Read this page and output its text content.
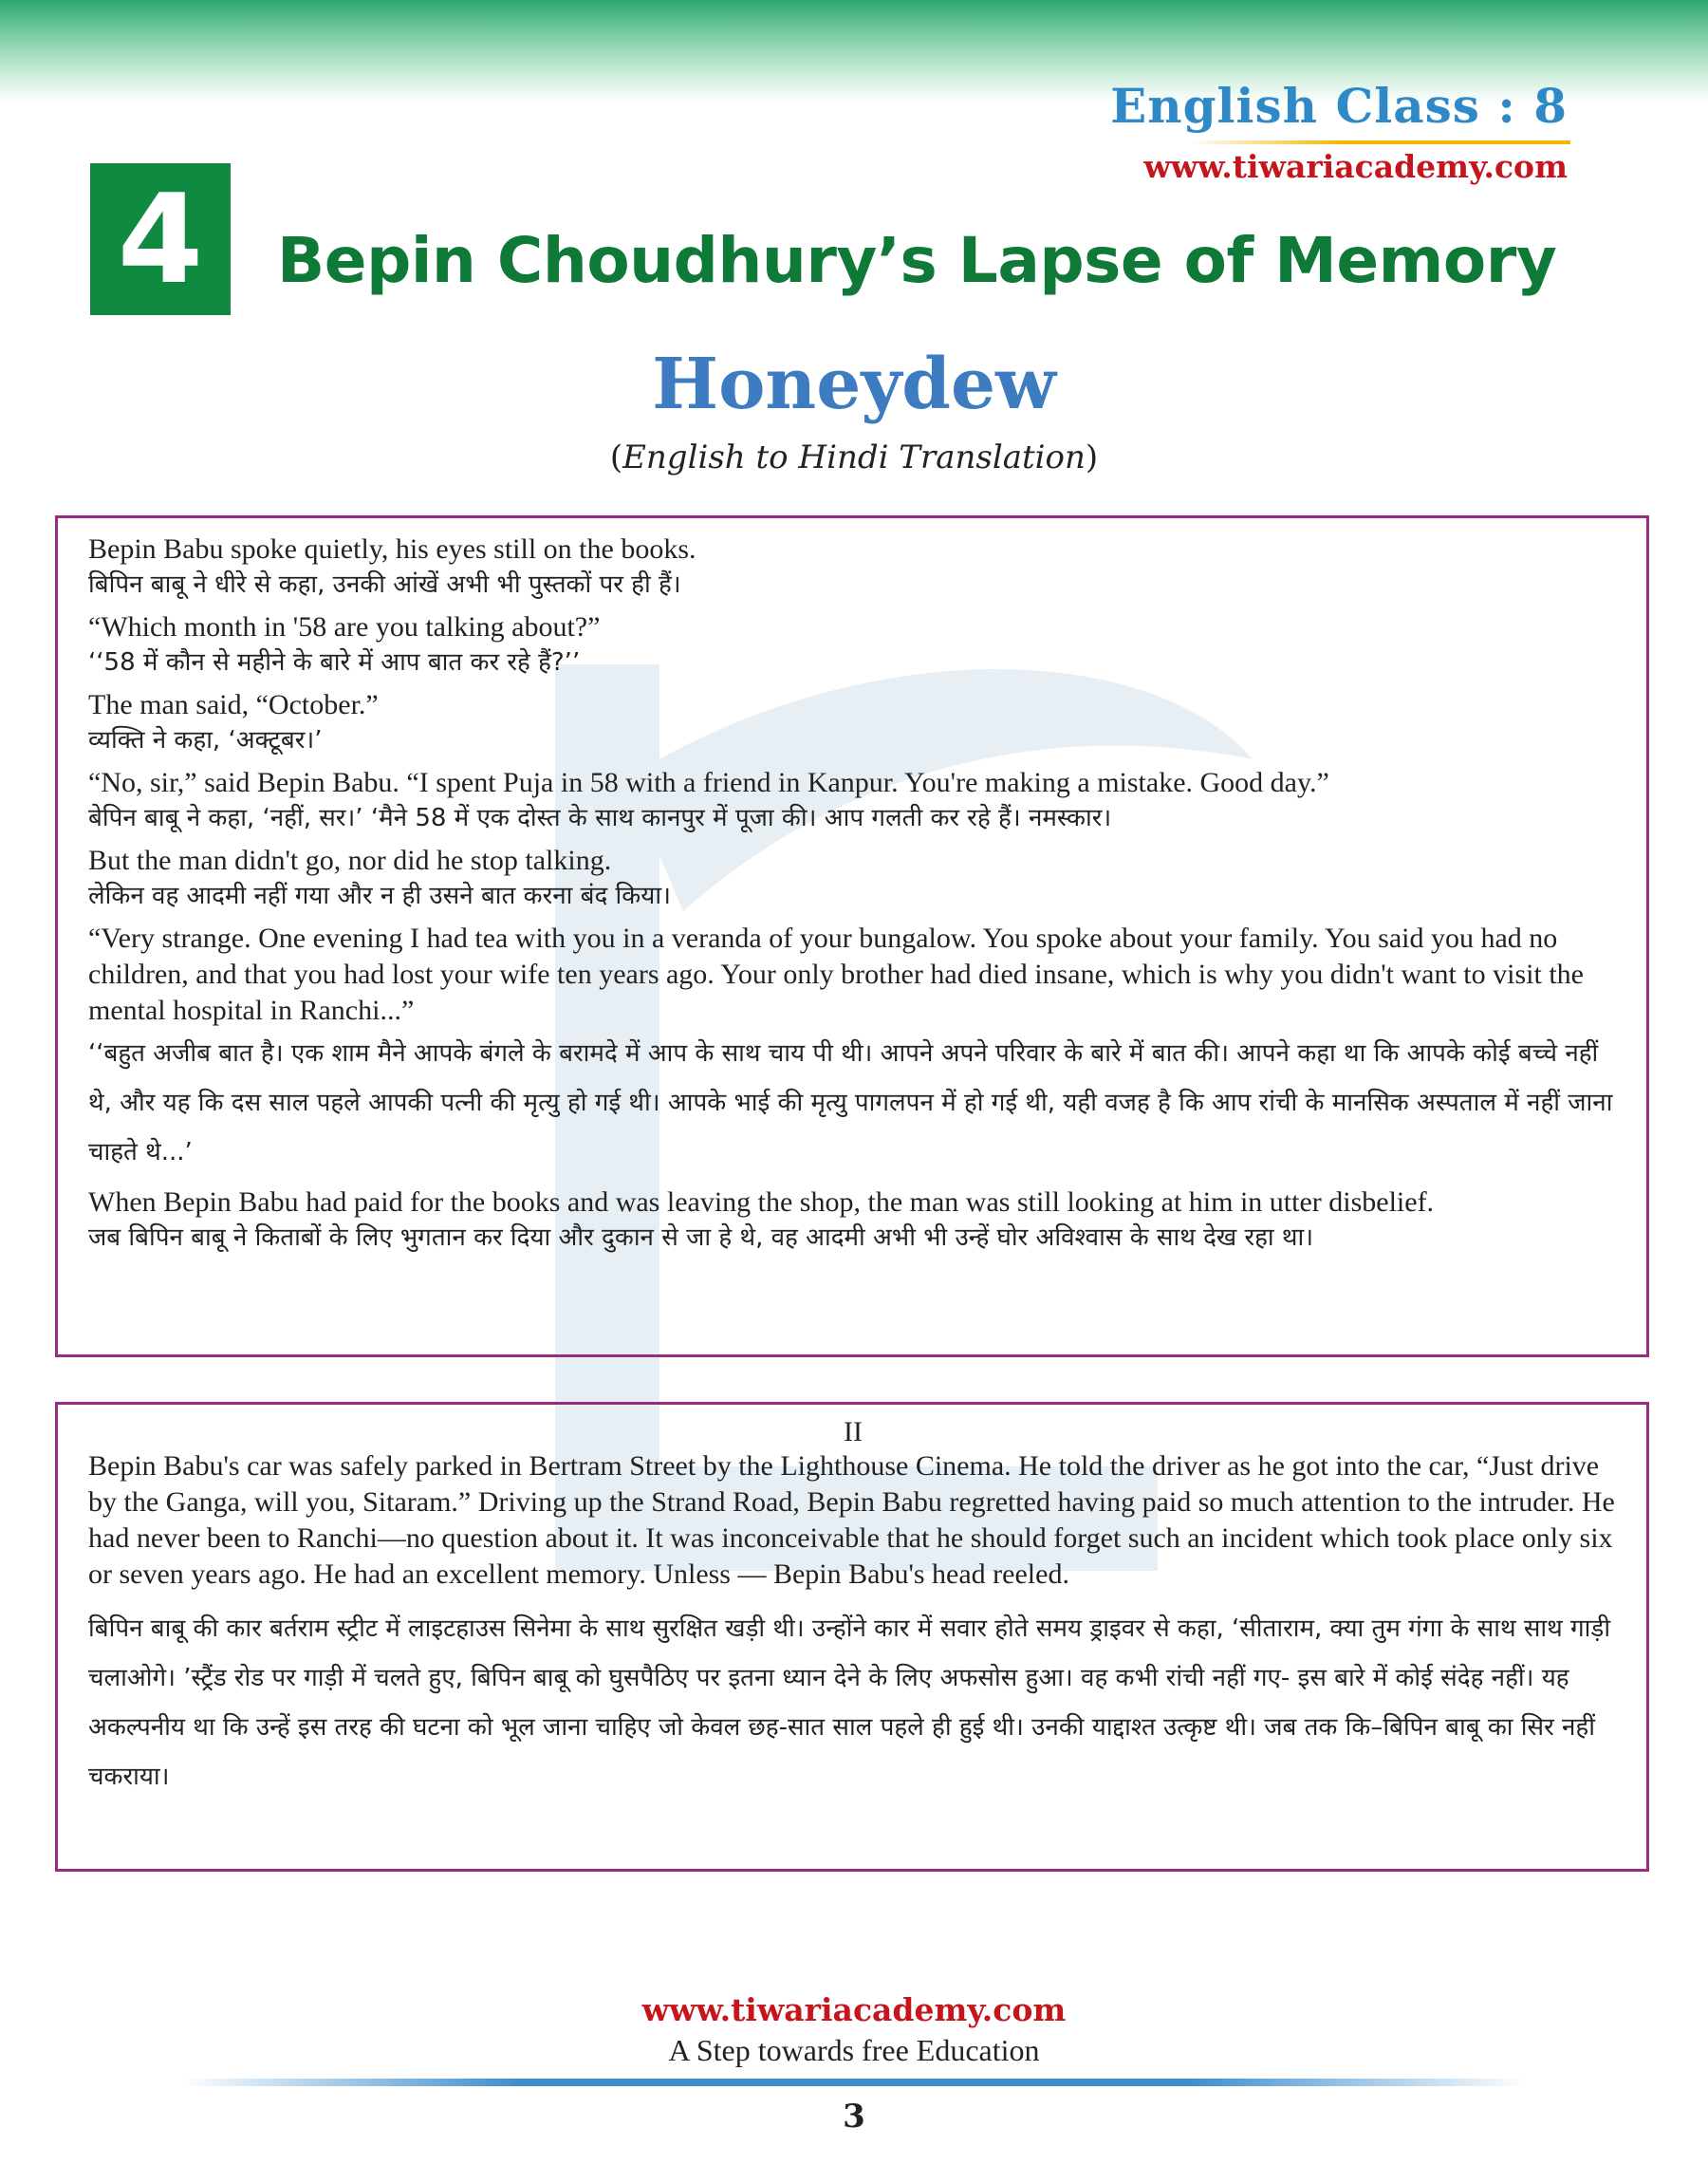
English Class : 8
www.tiwariacademy.com
4	Bepin Choudhury’s Lapse of Memory
Honeydew
(English to Hindi Translation)

Bepin Babu spoke quietly, his eyes still on the books.

बिपिन बाबू ने धीरे से कहा, उनकी आंखें अभी भी पुस्तकों पर ही हैं।

“Which month in '58 are you talking about?”

‘‘58 में कौन से महीने के बारे में आप बात कर रहे हैं?’’

The man said, “October.”

व्यक्ति ने कहा, ‘अक्टूबर।’

“No, sir,” said Bepin Babu. “I spent Puja in 58 with a friend in Kanpur. You're making a mistake. Good day.”

बेपिन बाबू ने कहा, ‘नहीं, सर।’ ‘मैने 58 में एक दोस्त के साथ कानपुर में पूजा की। आप गलती कर रहे हैं। नमस्कार।

But the man didn't go, nor did he stop talking.

लेकिन वह आदमी नहीं गया और न ही उसने बात करना बंद किया।

“Very strange. One evening I had tea with you in a veranda of your bungalow. You spoke about your family. You said you had no children, and that you had lost your wife ten years ago. Your only brother had died insane, which is why you didn't want to visit the mental hospital in Ranchi...”

‘‘बहुत अजीब बात है। एक शाम मैने आपके बंगले के बरामदे में आप के साथ चाय पी थी। आपने अपने परिवार के बारे में बात की। आपने कहा था कि आपके कोई बच्चे नहीं थे, और यह कि दस साल पहले आपकी पत्नी की मृत्यु हो गई थी। आपके भाई की मृत्यु पागलपन में हो गई थी, यही वजह है कि आप रांची के मानसिक अस्पताल में नहीं जाना चाहते थे...’

When Bepin Babu had paid for the books and was leaving the shop, the man was still looking at him in utter disbelief.

जब बिपिन बाबू ने किताबों के लिए भुगतान कर दिया और दुकान से जा हे थे, वह आदमी अभी भी उन्हें घोर अविश्वास के साथ देख रहा था।

II

Bepin Babu's car was safely parked in Bertram Street by the Lighthouse Cinema. He told the driver as he got into the car, “Just drive by the Ganga, will you, Sitaram.” Driving up the Strand Road, Bepin Babu regretted having paid so much attention to the intruder. He had never been to Ranchi—no question about it. It was inconceivable that he should forget such an incident which took place only six or seven years ago. He had an excellent memory. Unless — Bepin Babu's head reeled.

बिपिन बाबू की कार बर्तराम स्ट्रीट में लाइटहाउस सिनेमा के साथ सुरक्षित खड़ी थी। उन्होंने कार में सवार होते समय ड्राइवर से कहा, ‘सीताराम, क्या तुम गंगा के साथ साथ गाड़ी चलाओगे। ’स्ट्रैंड रोड पर गाड़ी में चलते हुए, बिपिन बाबू को घुसपैठिए पर इतना ध्यान देने के लिए अफसोस हुआ। वह कभी रांची नहीं गए- इस बारे में कोई संदेह नहीं। यह अकल्पनीय था कि उन्हें इस तरह की घटना को भूल जाना चाहिए जो केवल छह-सात साल पहले ही हुई थी। उनकी याद्दाश्त उत्कृष्ट थी। जब तक कि–बिपिन बाबू का सिर नहीं चकराया।

www.tiwariacademy.com
A Step towards free Education
3
